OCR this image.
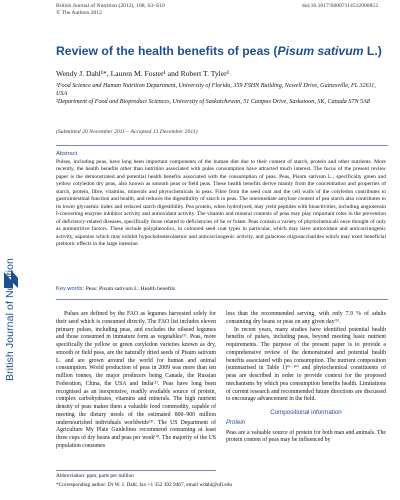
British Journal of Nutrition
British Journal of Nutrition (2012), 108, S3–S10
© The Authors 2012
doi:10.1017/S0007114512000852
Review of the health benefits of peas (Pisum sativum L.)
Wendy J. Dahl¹*, Lauren M. Foster¹ and Robert T. Tyler²

¹Food Science and Human Nutrition Department, University of Florida, 359 FSHN Building, Newell Drive, Gainesville, FL 32611, USA

²Department of Food and Bioproduct Sciences, University of Saskatchewan, 51 Campus Drive, Saskatoon, SK, Canada S7N 5A8

(Submitted 20 November 2011 – Accepted 13 December 2011)
Abstract
Pulses, including peas, have long been important components of the human diet due to their content of starch, protein and other nutrients. More recently, the health benefits other than nutrition associated with pulse consumption have attracted much interest. The focus of the present review paper is the demonstrated and potential health benefits associated with the consumption of peas. Peas, Pisum sativum L., specifically green and yellow cotyledon dry peas, also known as smooth peas or field peas. These health benefits derive mainly from the concentration and properties of starch, protein, fibre, vitamins, minerals and phytochemicals in peas. Fibre from the seed coat and the cell walls of the cotyledon contributes to gastrointestinal function and health, and reduces the digestibility of starch in peas. The intermediate amylose content of pea starch also contributes to its lower glycaemic index and reduced starch digestibility. Pea protein, when hydrolysed, may yield peptides with bioactivities, including angiotensin I-converting enzyme inhibitor activity and antioxidant activity. The vitamin and mineral contents of peas may play important roles in the prevention of deficiency-related diseases, specifically those related to deficiencies of Se or folate. Peas contain a variety of phytochemicals once thought of only as antinutritive factors. These include polyphenolics, in coloured seed coat types in particular, which may have antioxidant and anticarcinogenic activity, saponins which may exhibit hypocholesterolaemic and anticarcinogenic activity, and galactose oligosaccharides which may exert beneficial prebiotic effects in the large intestine.
Key words: Peas: Pisum sativum L: Health benefits

Pulses are defined by the FAO as legumes harvested solely for their seed which is consumed directly. The FAO list includes eleven primary pulses, including peas, and excludes the oilseed legumes and those consumed in immature form as vegetables⁽¹⁾. Peas, more specifically the yellow or green cotyledon varieties known as dry, smooth or field peas, are the naturally dried seeds of Pisum sativum L. and are grown around the world for human and animal consumption. World production of peas in 2009 was more than ten million tonnes, the major producers being Canada, the Russian Federation, China, the USA and India⁽²⁾. Peas have long been recognised as an inexpensive, readily available source of protein, complex carbohydrates, vitamins and minerals. The high nutrient density of peas makes them a valuable food commodity, capable of meeting the dietary needs of the estimated 800–900 million undernourished individuals worldwide⁽³⁾. The US Department of Agriculture My Plate Guidelines recommend consuming at least three cups of dry beans and peas per week⁽⁴⁾. The majority of the US population consumes

less than the recommended serving, with only 7.9 % of adults consuming dry beans or peas on any given day⁽⁵⁾.

In recent years, many studies have identified potential health benefits of pulses, including peas, beyond meeting basic nutrient requirements. The purpose of the present paper is to provide a comprehensive review of the demonstrated and potential health benefits associated with pea consumption. The nutrient composition (summarised in Table 1)⁽⁶⁻¹⁰⁾ and phytochemical constituents of peas are described in order to provide context for the proposed mechanisms by which pea consumption benefits health. Limitations of current research and recommended future directions are discussed to encourage advancement in the field.

Compositional information
Protein

Peas are a valuable source of protein for both man and animals. The protein content of peas may be influenced by

Abbreviation: ppm, parts per million
*Corresponding author: Dr W. J. Dahl, fax +1 352 392 9467, email wdahl@ufl.edu
